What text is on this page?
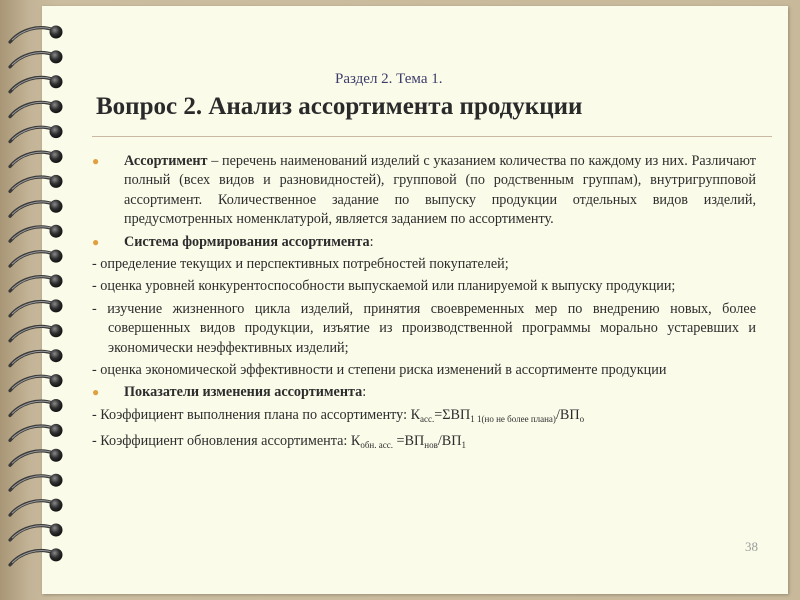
Раздел 2. Тема 1.
Вопрос 2. Анализ ассортимента продукции

● Ассортимент – перечень наименований изделий с указанием количества по каждому из них. Различают полный (всех видов и разновидностей), групповой (по родственным группам), внутригрупповой ассортимент. Количественное задание по выпуску продукции отдельных видов изделий, предусмотренных номенклатурой, является заданием по ассортименту.

● Система формирования ассортимента:

- определение текущих и перспективных потребностей покупателей;

- оценка уровней конкурентоспособности выпускаемой или планируемой к выпуску продукции;

- изучение жизненного цикла изделий, принятия своевременных мер по внедрению новых, более совершенных видов продукции, изъятие из производственной программы морально устаревших и экономически неэффективных изделий;

- оценка экономической эффективности и степени риска изменений в ассортименте продукции

● Показатели изменения ассортимента:

- Коэффициент выполнения плана по ассортименту: $К_{асс.}=\Sigma ВП_{1 1(но не более плана)}/ВП_о$

- Коэффициент обновления ассортимента: $К_{обн. асс.} =ВП_{нов}/ВП_1$

38
